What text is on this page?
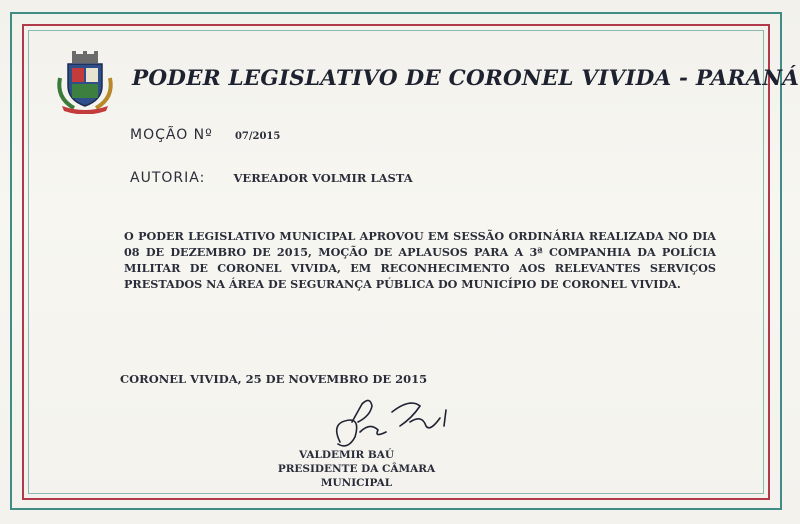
PODER LEGISLATIVO DE CORONEL VIVIDA - PARANÁ
MOÇÃO Nº 07/2015
AUTORIA: VEREADOR VOLMIR LASTA
O PODER LEGISLATIVO MUNICIPAL APROVOU EM SESSÃO ORDINÁRIA REALIZADA NO DIA 08 DE DEZEMBRO DE 2015, MOÇÃO DE APLAUSOS PARA A 3ª COMPANHIA DA POLÍCIA MILITAR DE CORONEL VIVIDA, EM RECONHECIMENTO AOS RELEVANTES SERVIÇOS PRESTADOS NA ÁREA DE SEGURANÇA PÚBLICA DO MUNICÍPIO DE CORONEL VIVIDA.
CORONEL VIVIDA, 25 DE NOVEMBRO DE 2015
VALDEMIR BAÚ
PRESIDENTE DA CÂMARA MUNICIPAL
